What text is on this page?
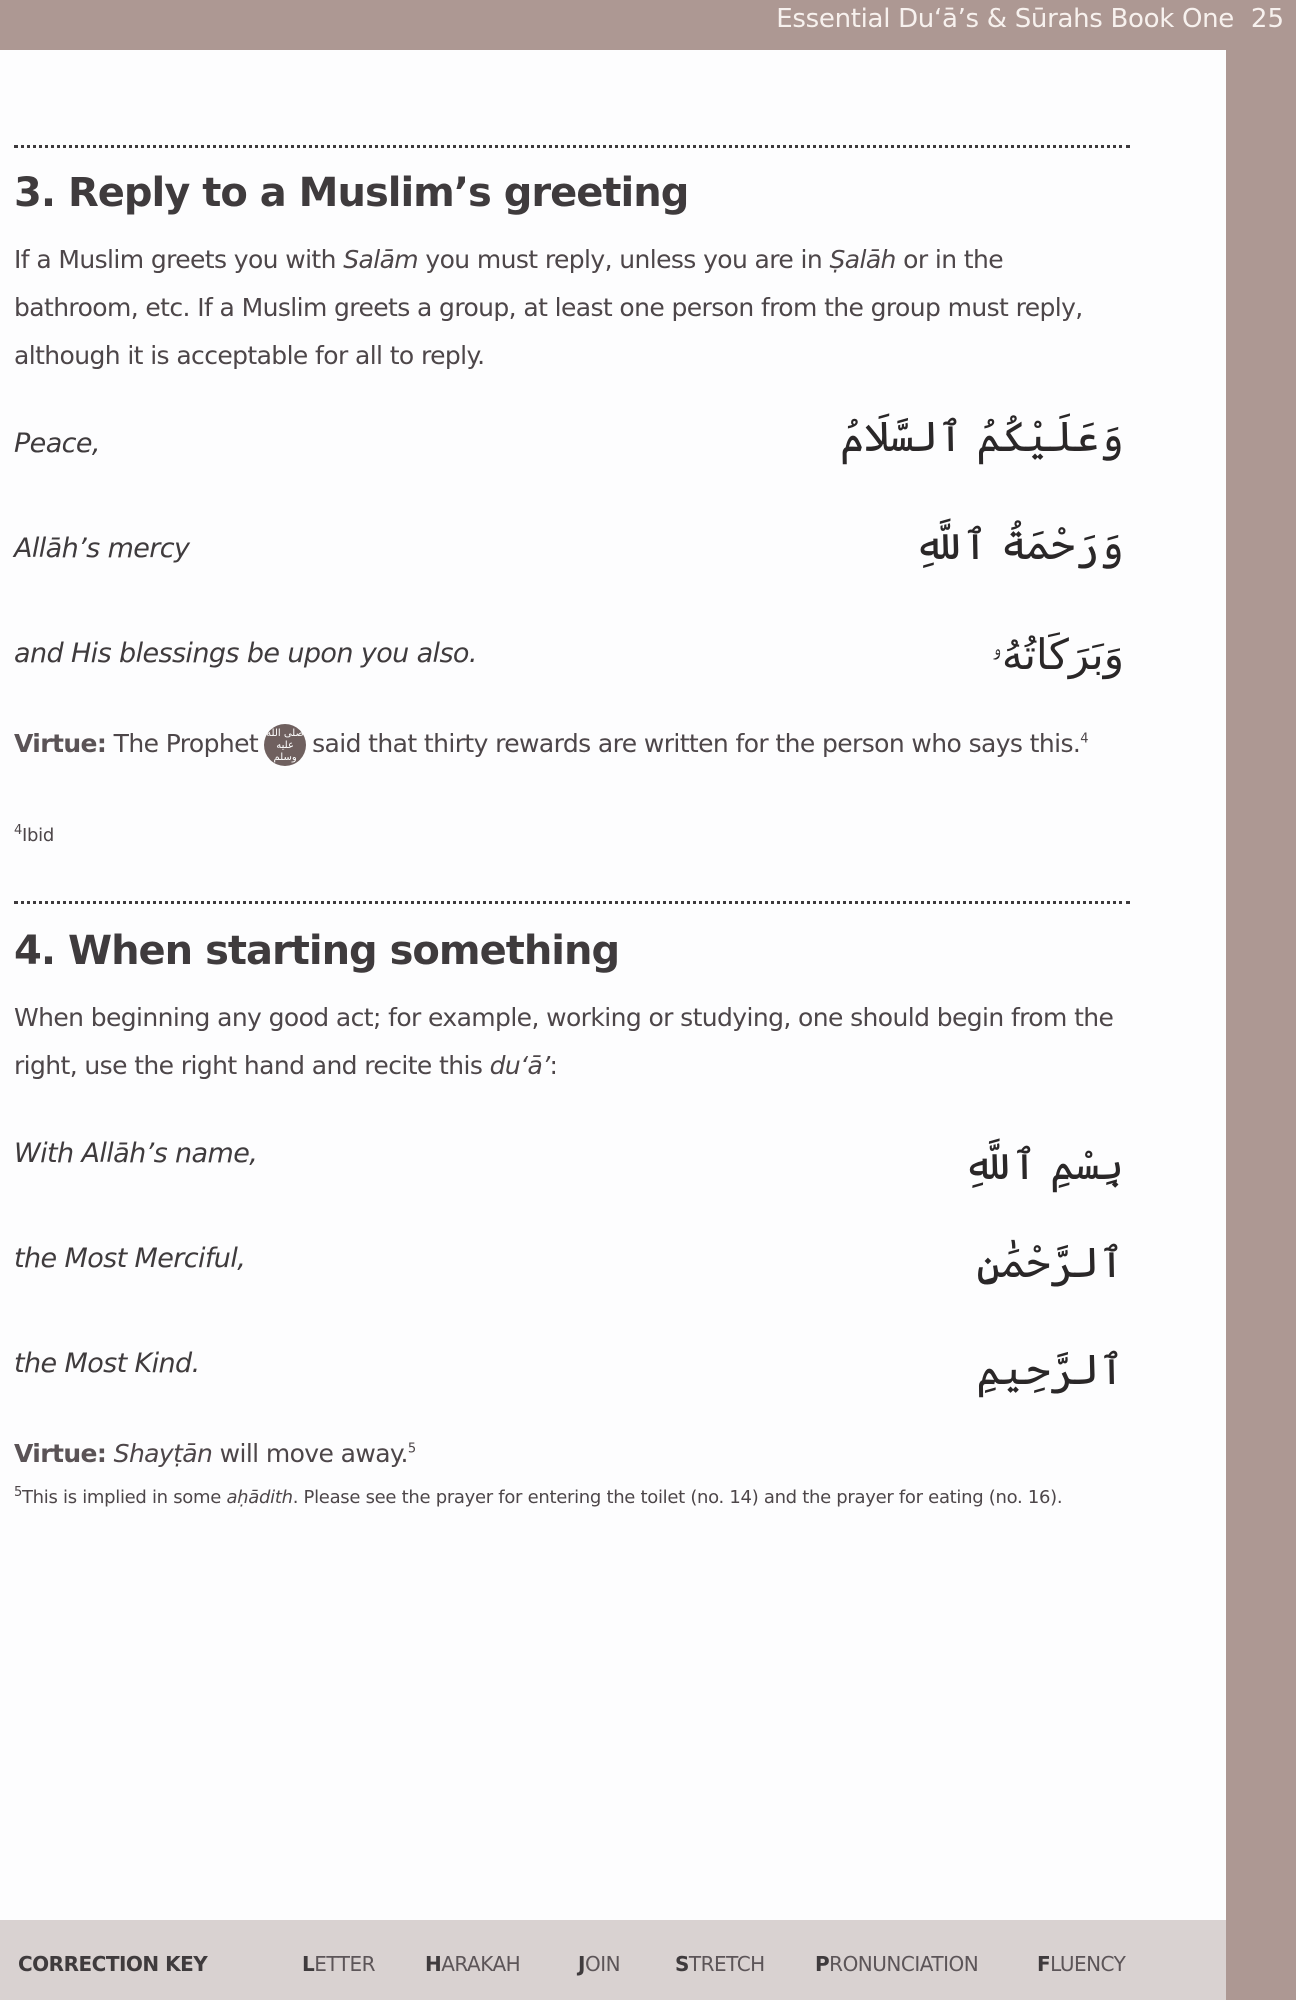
Essential Du‘ā’s & Sūrahs Book One 25
3. Reply to a Muslim’s greeting
If a Muslim greets you with Salām you must reply, unless you are in Ṣalāh or in the bathroom, etc. If a Muslim greets a group, at least one person from the group must reply, although it is acceptable for all to reply.
Peace,	وَعَلَيْكُمُ ٱلسَّلَامُ
Allāh’s mercy	وَرَحْمَةُ ٱللَّهِ
and His blessings be upon you also.	وَبَرَكَاتُهُۥ
Virtue: The Prophet صلى الله عليه وسلم said that thirty rewards are written for the person who says this.$^4$
$^4$Ibid
4. When starting something
When beginning any good act; for example, working or studying, one should begin from the right, use the right hand and recite this du‘ā’:
With Allāh’s name,	بِسْمِ ٱللَّهِ
the Most Merciful,	ٱلرَّحْمَٰنِ
the Most Kind.	ٱلرَّحِيمِ
Virtue: Shayṭān will move away.$^5$
$^5$This is implied in some aḥādith. Please see the prayer for entering the toilet (no. 14) and the prayer for eating (no. 16).
CORRECTION KEY	LETTER HARAKAH	JOIN	STRETCH	PRONUNCIATION	FLUENCY
